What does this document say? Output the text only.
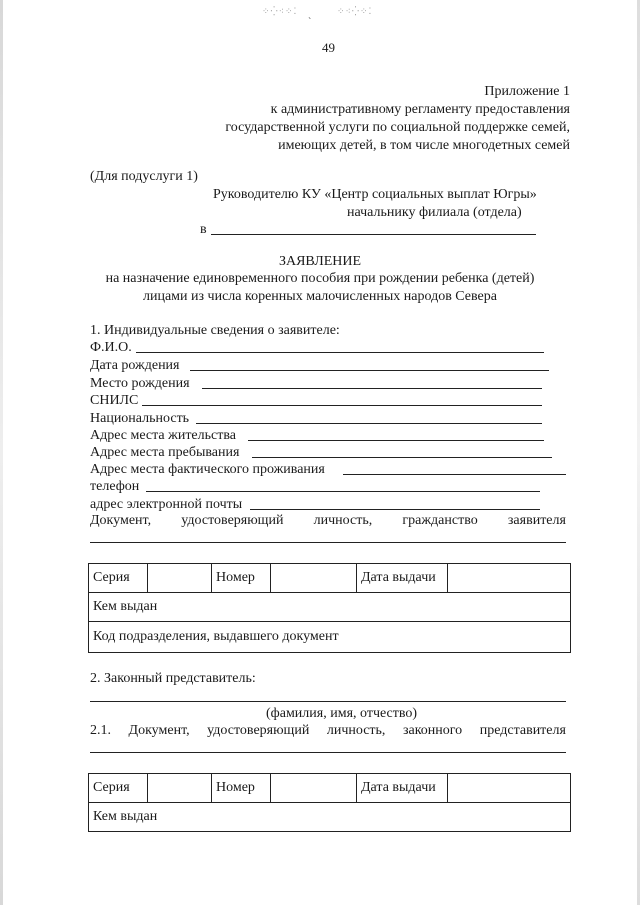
⁘⁛⁖⁘⁚	⁘⁖⁛⁘⁚
ˋ
49
Приложение 1
к административному регламенту предоставления
государственной услуги по социальной поддержке семей,
имеющих детей, в том числе многодетных семей
(Для подуслуги 1)
Руководителю КУ «Центр социальных выплат Югры»
начальнику филиала (отдела)
в
ЗАЯВЛЕНИЕ
на назначение единовременного пособия при рождении ребенка (детей)
лицами из числа коренных малочисленных народов Севера
1. Индивидуальные сведения о заявителе:
Ф.И.О.
Дата рождения
Место рождения
СНИЛС
Национальность
Адрес места жительства
Адрес места пребывания
Адрес места фактического проживания
телефон
адрес электронной почты
Документ, удостоверяющий личность, гражданство заявителя
Серия		Номер		Дата выдачи	
Кем выдан
Код подразделения, выдавшего документ
2. Законный представитель:
(фамилия, имя, отчество)
2.1. Документ, удостоверяющий личность, законного представителя
Серия		Номер		Дата выдачи	
Кем выдан
